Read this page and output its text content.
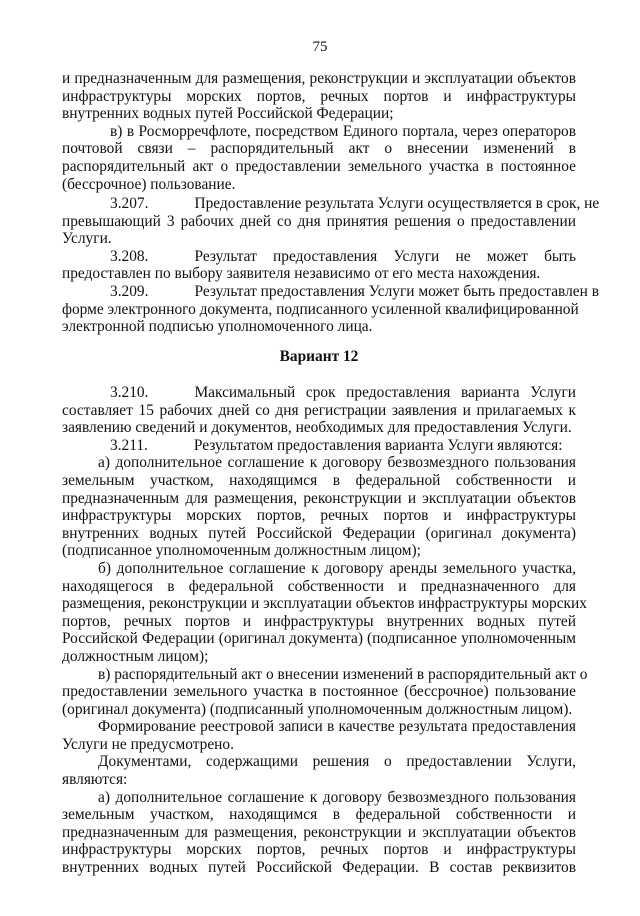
75
и предназначенным для размещения, реконструкции и эксплуатации объектов
инфраструктуры морских портов, речных портов и инфраструктуры
внутренних водных путей Российской Федерации;
в) в Росморречфлоте, посредством Единого портала, через операторов
почтовой связи – распорядительный акт о внесении изменений в
распорядительный акт о предоставлении земельного участка в постоянное
(бессрочное) пользование.
3.207.	Предоставление результата Услуги осуществляется в срок, не
превышающий 3 рабочих дней со дня принятия решения о предоставлении
Услуги.
3.208.	Результат предоставления Услуги не может быть
предоставлен по выбору заявителя независимо от его места нахождения.
3.209.	Результат предоставления Услуги может быть предоставлен в
форме электронного документа, подписанного усиленной квалифицированной
электронной подписью уполномоченного лица.
Вариант 12
3.210.	Максимальный срок предоставления варианта Услуги
составляет 15 рабочих дней со дня регистрации заявления и прилагаемых к
заявлению сведений и документов, необходимых для предоставления Услуги.
3.211.	Результатом предоставления варианта Услуги являются:
а) дополнительное соглашение к договору безвозмездного пользования
земельным участком, находящимся в федеральной собственности и
предназначенным для размещения, реконструкции и эксплуатации объектов
инфраструктуры морских портов, речных портов и инфраструктуры
внутренних водных путей Российской Федерации (оригинал документа)
(подписанное уполномоченным должностным лицом);
б) дополнительное соглашение к договору аренды земельного участка,
находящегося в федеральной собственности и предназначенного для
размещения, реконструкции и эксплуатации объектов инфраструктуры морских
портов, речных портов и инфраструктуры внутренних водных путей
Российской Федерации (оригинал документа) (подписанное уполномоченным
должностным лицом);
в) распорядительный акт о внесении изменений в распорядительный акт о
предоставлении земельного участка в постоянное (бессрочное) пользование
(оригинал документа) (подписанный уполномоченным должностным лицом).
Формирование реестровой записи в качестве результата предоставления
Услуги не предусмотрено.
Документами, содержащими решения о предоставлении Услуги,
являются:
а) дополнительное соглашение к договору безвозмездного пользования
земельным участком, находящимся в федеральной собственности и
предназначенным для размещения, реконструкции и эксплуатации объектов
инфраструктуры морских портов, речных портов и инфраструктуры
внутренних водных путей Российской Федерации. В состав реквизитов
